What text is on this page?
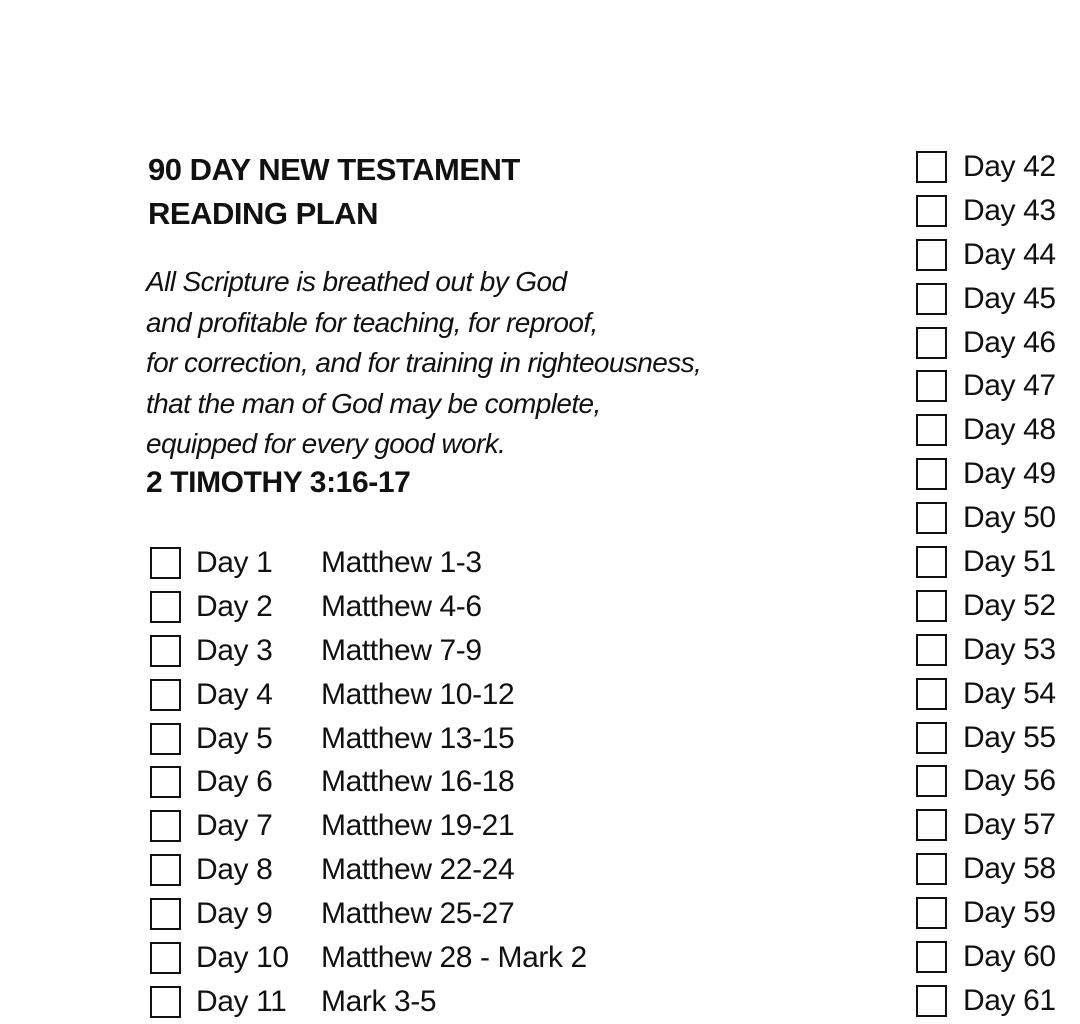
90 DAY NEW TESTAMENT
READING PLAN

All Scripture is breathed out by God
and profitable for teaching, for reproof,
for correction, and for training in righteousness,
that the man of God may be complete,
equipped for every good work.

2 TIMOTHY 3:16-17

Day 1	Matthew 1-3
Day 2	Matthew 4-6
Day 3	Matthew 7-9
Day 4	Matthew 10-12
Day 5	Matthew 13-15
Day 6	Matthew 16-18
Day 7	Matthew 19-21
Day 8	Matthew 22-24
Day 9	Matthew 25-27
Day 10	Matthew 28 - Mark 2
Day 11	Mark 3-5
Day 42
Day 43
Day 44
Day 45
Day 46
Day 47
Day 48
Day 49
Day 50
Day 51
Day 52
Day 53
Day 54
Day 55
Day 56
Day 57
Day 58
Day 59
Day 60
Day 61
